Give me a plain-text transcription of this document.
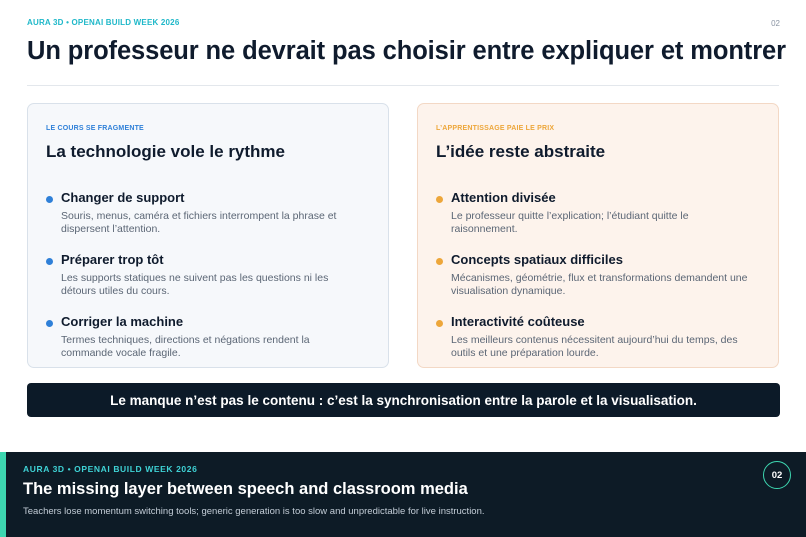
AURA 3D • OPENAI BUILD WEEK 2026	02
Un professeur ne devrait pas choisir entre expliquer et montrer
LE COURS SE FRAGMENTE
La technologie vole le rythme
Changer de support
Souris, menus, caméra et fichiers interrompent la phrase et dispersent l’attention.
Préparer trop tôt
Les supports statiques ne suivent pas les questions ni les détours utiles du cours.
Corriger la machine
Termes techniques, directions et négations rendent la commande vocale fragile.
L’APPRENTISSAGE PAIE LE PRIX
L’idée reste abstraite
Attention divisée
Le professeur quitte l’explication; l’étudiant quitte le raisonnement.
Concepts spatiaux difficiles
Mécanismes, géométrie, flux et transformations demandent une visualisation dynamique.
Interactivité coûteuse
Les meilleurs contenus nécessitent aujourd’hui du temps, des outils et une préparation lourde.
Le manque n’est pas le contenu : c’est la synchronisation entre la parole et la visualisation.
AURA 3D • OPENAI BUILD WEEK 2026
The missing layer between speech and classroom media
Teachers lose momentum switching tools; generic generation is too slow and unpredictable for live instruction.
02
